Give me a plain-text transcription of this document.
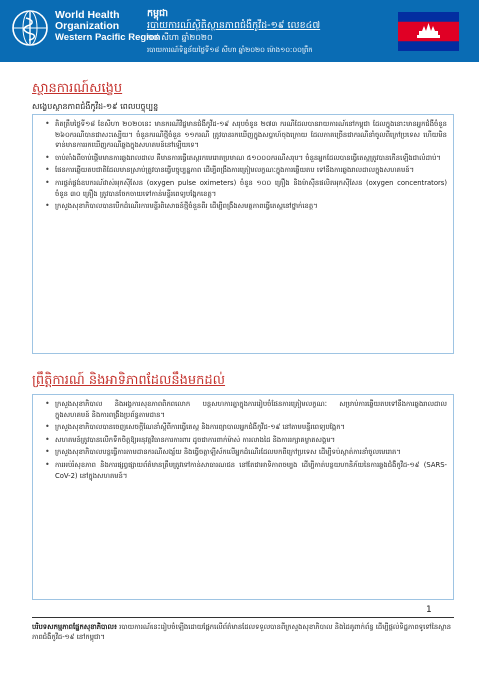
World Health
Organization
Western Pacific Region
កម្ពុជា
របាយការណ៍ស្ថិតិស្ថានភាពជំងឺកូវីដ-១៩ លេខ៤៧
១៨ សីហា ឆ្នាំ២០២០
របាយការណ៍ទិន្នន័យថ្ងៃទី១៨ សីហា ឆ្នាំ២០២០ ម៉ោង១០:០០ព្រឹក
ស្ថានការណ៍សង្ខេប
សង្ខេបស្ថានភាពជំងឺកូវីដ-១៩ ពេលបច្ចុប្បន្ន
• គិតត្រឹមថ្ងៃទី១៨ ខែសីហា ២០២០នេះ មានករណីវិជ្ជមានជំងឺកូវីដ-១៩ សរុបចំនួន ២៧៣ ករណីដែលបានរាយការណ៍នៅកម្ពុជា ដែលក្នុងនោះមានអ្នកជំងឺចំនួន ២៦០ករណីបានជាសះស្បើយ។ ចំនួនករណីថ្មីចំនួន ១១ករណី ត្រូវបានរកឃើញក្នុងសប្តាហ៍ចុងក្រោយ ដែលភាគច្រើនជាករណីនាំចូលពីក្រៅប្រទេស ហើយមិនទាន់មានការរកឃើញករណីឆ្លងក្នុងសហគមន៍នៅឡើយទេ។
• ចាប់តាំងពីចាប់ផ្តើមមានការឆ្លងរាលដាល គឺមានការធ្វើតេស្តរកមេរោគប្រមាណ ៥១០០០ករណីសរុប។ ចំនួនអ្នកដែលបានធ្វើតេស្តត្រូវបានកើនឡើងជាលំដាប់។
• ផែនការឆ្លើយតបជាតិដែលមានស្រាប់ត្រូវបានធ្វើបច្ចុប្បន្នភាព ដើម្បីពង្រឹងការត្រៀមលក្ខណៈក្នុងការឆ្លើយតប ទៅនឹងការឆ្លងរាលដាលក្នុងសហគមន៍។
• ការផ្គត់ផ្គង់ឧបករណ៍វាស់អុកស៊ីសែន (oxygen pulse oximeters) ចំនួន ១០០ គ្រឿង និងម៉ាស៊ីនផលិតអុកស៊ីសែន (oxygen concentrators) ចំនួន ៣០ គ្រឿង ត្រូវបានចែកចាយទៅកាន់មន្ទីរពេទ្យបង្អែកខេត្ត។
• ក្រសួងសុខាភិបាលបានបើកដំណើរការមន្ទីរពិសោធន៍ថ្មីចំនួនពីរ ដើម្បីពង្រឹងសមត្ថភាពធ្វើតេស្តនៅថ្នាក់ខេត្ត។
ព្រឹត្តិការណ៍ និងអាទិភាពដែលនឹងមកដល់
• ក្រសួងសុខាភិបាល និងអង្គការសុខភាពពិភពលោក បន្តសហការគ្នាក្នុងការរៀបចំផែនការត្រៀមលក្ខណៈ សម្រាប់ការឆ្លើយតបទៅនឹងការឆ្លងរាលដាលក្នុងសហគមន៍ និងការពង្រឹងប្រព័ន្ធតាមដាន។
• ក្រសួងសុខាភិបាលបានចេញសេចក្តីណែនាំស្តីពីការធ្វើតេស្ត និងការព្យាបាលអ្នកជំងឺកូវីដ-១៩ នៅតាមមន្ទីរពេទ្យបង្អែក។
• សហគមន៍ត្រូវបានលើកទឹកចិត្តឱ្យអនុវត្តវិធានការការពារ ដូចជាការពាក់ម៉ាស់ ការលាងដៃ និងការរក្សាគម្លាតសង្គម។
• ក្រសួងសុខាភិបាលបន្តធ្វើការតាមដានករណីសង្ស័យ និងធ្វើចត្តាឡីស័កលើអ្នកដំណើរដែលមកពីក្រៅប្រទេស ដើម្បីទប់ស្កាត់ការនាំចូលមេរោគ។
• ការអប់រំសុខភាព និងការផ្សព្វផ្សាយព័ត៌មានត្រឹមត្រូវទៅកាន់សាធារណជន នៅតែជាអាទិភាពចម្បង ដើម្បីកាត់បន្ថយហានិភ័យនៃការឆ្លងជំងឺកូវីដ-១៩ (SARS-CoV-2) នៅក្នុងសហគមន៍។
1
បរិបទសកម្មភាពផ្នែកសុខាភិបាល៖ របាយការណ៍នេះរៀបចំឡើងដោយផ្អែកលើព័ត៌មានដែលទទួលបានពីក្រសួងសុខាភិបាល និងដៃគូពាក់ព័ន្ធ ដើម្បីផ្តល់ទិដ្ឋភាពទូទៅនៃស្ថានភាពជំងឺកូវីដ-១៩ នៅកម្ពុជា។
